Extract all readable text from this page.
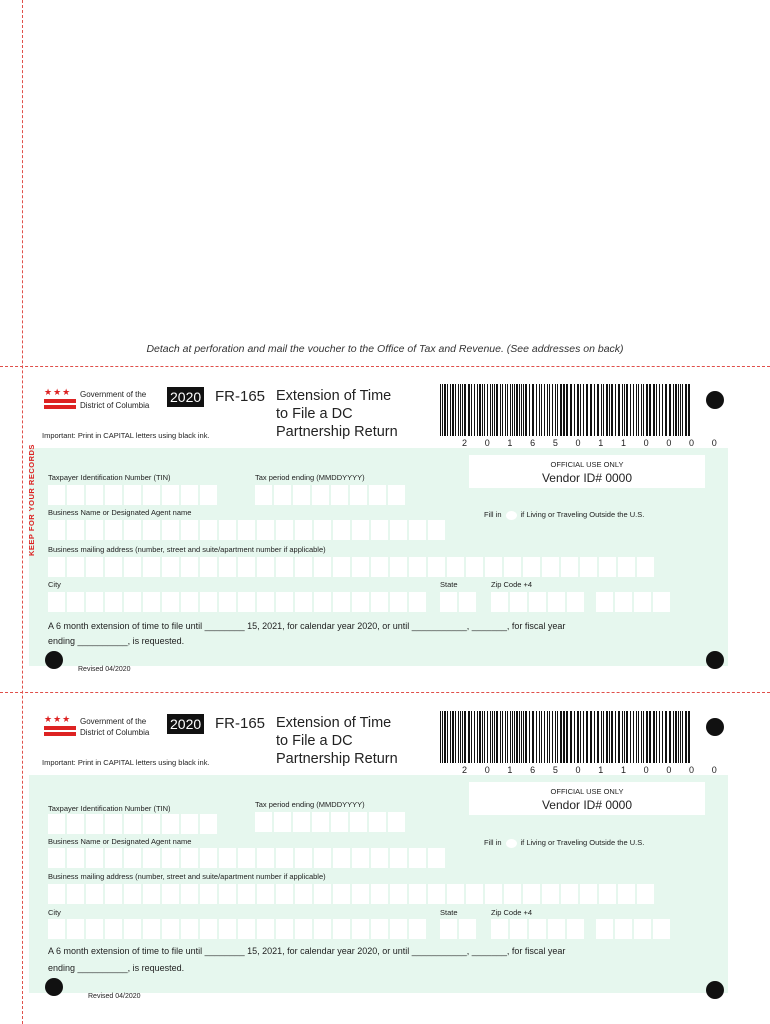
Detach at perforation and mail the voucher to the Office of Tax and Revenue. (See addresses on back)
★★★	Government of the
District of Columbia
2020 FR-165 Extension of Time
to File a DC
Partnership Return
Important: Print in CAPITAL letters using black ink.
2 0 1 6 5 0 1 1 0 0 0 0
KEEP FOR YOUR RECORDS	OFFICIAL USE ONLY
Vendor ID# 0000
Taxpayer Identification Number (TIN)	Tax period ending (MMDDYYYY)
Business Name or Designated Agent name	Fill in	if Living or Traveling Outside the U.S.
Business mailing address (number, street and suite/apartment number if applicable)
City	State	Zip Code +4
A 6 month extension of time to file until ________ 15, 2021, for calendar year 2020, or until ___________, _______, for fiscal year
ending __________, is requested.
Revised 04/2020
★★★	Government of the
District of Columbia
2020 FR-165 Extension of Time
to File a DC
Partnership Return
Important: Print in CAPITAL letters using black ink.
2 0 1 6 5 0 1 1 0 0 0 0
OFFICIAL USE ONLY
Vendor ID# 0000
Taxpayer Identification Number (TIN)	Tax period ending (MMDDYYYY)
Business Name or Designated Agent name	Fill in	if Living or Traveling Outside the U.S.
Business mailing address (number, street and suite/apartment number if applicable)
City	State	Zip Code +4
A 6 month extension of time to file until ________ 15, 2021, for calendar year 2020, or until ___________, _______, for fiscal year
ending __________, is requested.
Revised 04/2020
